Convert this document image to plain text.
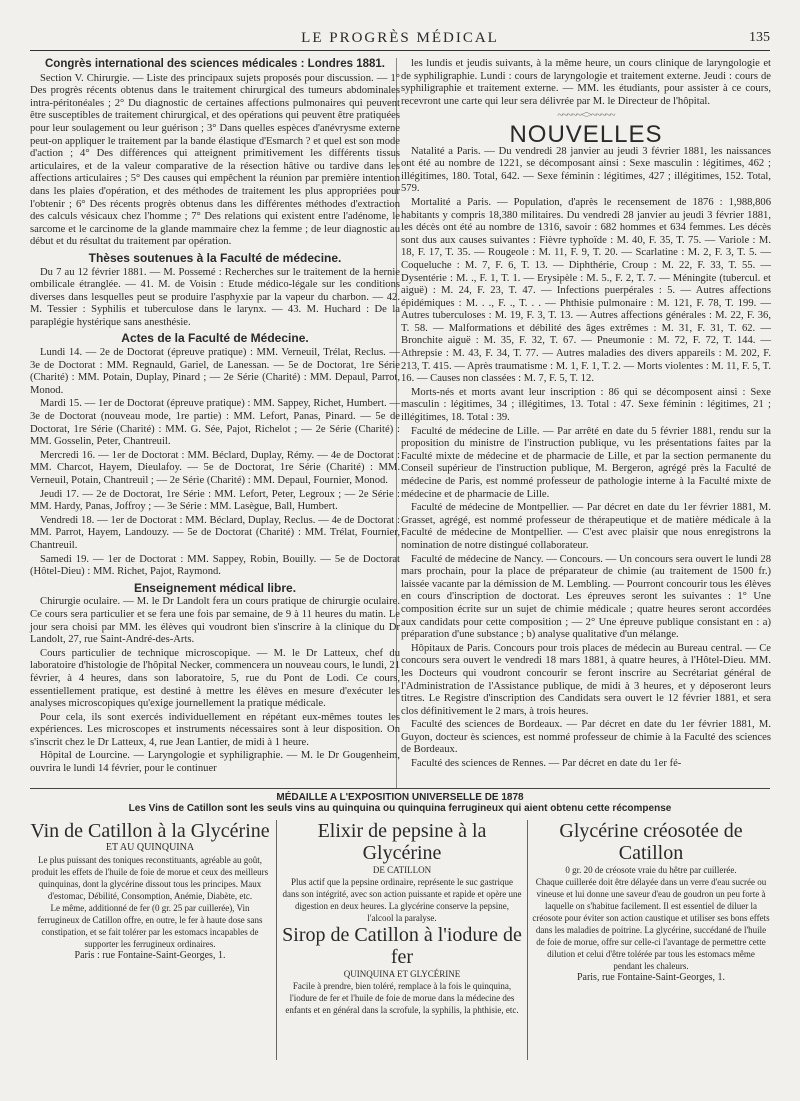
LE PROGRÈS MÉDICAL	135
Congrès international des sciences médicales : Londres 1881.

Section V. Chirurgie. — Liste des principaux sujets proposés pour discussion. — 1° Des progrès récents obtenus dans le traitement chirurgical des tumeurs abdominales intra-péritonéales ; 2° Du diagnostic de certaines affections pulmonaires qui peuvent être susceptibles de traitement chirurgical, et des opérations qui peuvent être pratiquées pour leur soulagement ou leur guérison ; 3° Dans quelles espèces d'anévrysme externe peut-on appliquer le traitement par la bande élastique d'Esmarch ? et quel est son mode d'action ; 4° Des différences qui atteignent primitivement les différents tissus articulaires, et de la valeur comparative de la résection hâtive ou tardive dans les affections articulaires ; 5° Des causes qui empêchent la réunion par première intention dans les plaies d'opération, et des méthodes de traitement les plus appropriées pour l'obtenir ; 6° Des récents progrès obtenus dans les différentes méthodes d'extraction des calculs vésicaux chez l'homme ; 7° Des relations qui existent entre l'adénome, le sarcome et le carcinome de la glande mammaire chez la femme ; de leur diagnostic au début et du résultat du traitement par opération.

Thèses soutenues à la Faculté de médecine.

Du 7 au 12 février 1881. — M. Possemé : Recherches sur le traitement de la hernie ombilicale étranglée. — 41. M. de Voisin : Etude médico-légale sur les conditions diverses dans lesquelles peut se produire l'asphyxie par la vapeur du charbon. — 42. M. Tessier : Syphilis et tuberculose dans le larynx. — 43. M. Huchard : De la paraplégie hystérique sans anesthésie.

Actes de la Faculté de Médecine.

Lundi 14. — 2e de Doctorat (épreuve pratique) : MM. Verneuil, Trélat, Reclus. — 3e de Doctorat : MM. Regnauld, Gariel, de Lanessan. — 5e de Doctorat, 1re Série (Charité) : MM. Potain, Duplay, Pinard ; — 2e Série (Charité) : MM. Depaul, Parrot, Monod.

Mardi 15. — 1er de Doctorat (épreuve pratique) : MM. Sappey, Richet, Humbert. — 3e de Doctorat (nouveau mode, 1re partie) : MM. Lefort, Panas, Pinard. — 5e de Doctorat, 1re Série (Charité) : MM. G. Sée, Pajot, Richelot ; — 2e Série (Charité) : MM. Gosselin, Peter, Chantreuil.

Mercredi 16. — 1er de Doctorat : MM. Béclard, Duplay, Rémy. — 4e de Doctorat : MM. Charcot, Hayem, Dieulafoy. — 5e de Doctorat, 1re Série (Charité) : MM. Verneuil, Potain, Chantreuil ; — 2e Série (Charité) : MM. Depaul, Fournier, Monod.

Jeudi 17. — 2e de Doctorat, 1re Série : MM. Lefort, Peter, Legroux ; — 2e Série : MM. Hardy, Panas, Joffroy ; — 3e Série : MM. Lasègue, Ball, Humbert.

Vendredi 18. — 1er de Doctorat : MM. Béclard, Duplay, Reclus. — 4e de Doctorat : MM. Parrot, Hayem, Landouzy. — 5e de Doctorat (Charité) : MM. Trélat, Fournier, Chantreuil.

Samedi 19. — 1er de Doctorat : MM. Sappey, Robin, Bouilly. — 5e de Doctorat (Hôtel-Dieu) : MM. Richet, Pajot, Raymond.

Enseignement médical libre.

Chirurgie oculaire. — M. le Dr Landolt fera un cours pratique de chirurgie oculaire. Ce cours sera particulier et se fera une fois par semaine, de 9 à 11 heures du matin. Le jour sera choisi par MM. les élèves qui voudront bien s'inscrire à la clinique du Dr Landolt, 27, rue Saint-André-des-Arts.

Cours particulier de technique microscopique. — M. le Dr Latteux, chef du laboratoire d'histologie de l'hôpital Necker, commencera un nouveau cours, le lundi, 21 février, à 4 heures, dans son laboratoire, 5, rue du Pont de Lodi. Ce cours, essentiellement pratique, est destiné à mettre les élèves en mesure d'exécuter les analyses microscopiques qu'exige journellement la pratique médicale.

Pour cela, ils sont exercés individuellement en répétant eux-mêmes toutes les expériences. Les microscopes et instruments nécessaires sont à leur disposition. On s'inscrit chez le Dr Latteux, 4, rue Jean Lantier, de midi à 1 heure.

Hôpital de Lourcine. — Laryngologie et syphiligraphie. — M. le Dr Gougenheim, ouvrira le lundi 14 février, pour le continuer

les lundis et jeudis suivants, à la même heure, un cours clinique de laryngologie et de syphiligraphie. Lundi : cours de laryngologie et traitement externe. Jeudi : cours de syphiligraphie et traitement externe. — MM. les étudiants, pour assister à ce cours, recevront une carte qui leur sera délivrée par M. le Directeur de l'hôpital.

~~~~~<>~~~~~
NOUVELLES

Natalité a Paris. — Du vendredi 28 janvier au jeudi 3 février 1881, les naissances ont été au nombre de 1221, se décomposant ainsi : Sexe masculin : légitimes, 462 ; illégitimes, 180. Total, 642. — Sexe féminin : légitimes, 427 ; illégitimes, 152. Total, 579.

Mortalité a Paris. — Population, d'après le recensement de 1876 : 1,988,806 habitants y compris 18,380 militaires. Du vendredi 28 janvier au jeudi 3 février 1881, les décès ont été au nombre de 1316, savoir : 682 hommes et 634 femmes. Les décès sont dus aux causes suivantes : Fièvre typhoïde : M. 40, F. 35, T. 75. — Variole : M. 18, F. 17, T. 35. — Rougeole : M. 11, F. 9, T. 20. — Scarlatine : M. 2, F. 3, T. 5. — Coqueluche : M. 7, F. 6, T. 13. — Diphthérie, Croup : M. 22, F. 33, T. 55. — Dysentérie : M. ., F. 1, T. 1. — Erysipèle : M. 5., F. 2, T. 7. — Méningite (tubercul. et aiguë) : M. 24, F. 23, T. 47. — Infections puerpérales : 5. — Autres affections épidémiques : M. . ., F. ., T. . . — Phthisie pulmonaire : M. 121, F. 78, T. 199. — Autres tuberculoses : M. 19, F. 3, T. 13. — Autres affections générales : M. 22, F. 36, T. 58. — Malformations et débilité des âges extrêmes : M. 31, F. 31, T. 62. — Bronchite aiguë : M. 35, F. 32, T. 67. — Pneumonie : M. 72, F. 72, T. 144. — Athrepsie : M. 43, F. 34, T. 77. — Autres maladies des divers appareils : M. 202, F. 213, T. 415. — Après traumatisme : M. 1, F. 1, T. 2. — Morts violentes : M. 11, F. 5, T. 16. — Causes non classées : M. 7, F. 5, T. 12.

Morts-nés et morts avant leur inscription : 86 qui se décomposent ainsi : Sexe masculin : légitimes, 34 ; illégitimes, 13. Total : 47. Sexe féminin : légitimes, 21 ; illégitimes, 18. Total : 39.

Faculté de médecine de Lille. — Par arrêté en date du 5 février 1881, rendu sur la proposition du ministre de l'instruction publique, vu les présentations faites par la Faculté mixte de médecine et de pharmacie de Lille, et par la section permanente du Conseil supérieur de l'instruction publique, M. Bergeron, agrégé près la Faculté de médecine de Paris, est nommé professeur de pathologie interne à la Faculté mixte de médecine et de pharmacie de Lille.

Faculté de médecine de Montpellier. — Par décret en date du 1er février 1881, M. Grasset, agrégé, est nommé professeur de thérapeutique et de matière médicale à la Faculté de médecine de Montpellier. — C'est avec plaisir que nous enregistrons la nomination de notre distingué collaborateur.

Faculté de médecine de Nancy. — Concours. — Un concours sera ouvert le lundi 28 mars prochain, pour la place de préparateur de chimie (au traitement de 1500 fr.) laissée vacante par la démission de M. Lembling. — Pourront concourir tous les élèves en cours d'inscription de doctorat. Les épreuves seront les suivantes : 1° Une composition écrite sur un sujet de chimie médicale ; quatre heures seront accordées aux candidats pour cette composition ; — 2° Une épreuve publique consistant en : a) préparation d'une substance ; b) analyse qualitative d'un mélange.

Hôpitaux de Paris. Concours pour trois places de médecin au Bureau central. — Ce concours sera ouvert le vendredi 18 mars 1881, à quatre heures, à l'Hôtel-Dieu. MM. les Docteurs qui voudront concourir se feront inscrire au Secrétariat général de l'Administration de l'Assistance publique, de midi à 3 heures, et y déposeront leurs titres. Le Registre d'inscription des Candidats sera ouvert le 12 février 1881, et sera clos définitivement le 2 mars, à trois heures.

Faculté des sciences de Bordeaux. — Par décret en date du 1er février 1881, M. Guyon, docteur ès sciences, est nommé professeur de chimie à la Faculté des sciences de Bordeaux.

Faculté des sciences de Rennes. — Par décret en date du 1er fé-

MÉDAILLE A L'EXPOSITION UNIVERSELLE DE 1878
Les Vins de Catillon sont les seuls vins au quinquina ou quinquina ferrugineux qui aient obtenu cette récompense
Vin de Catillon à la Glycérine
ET AU QUINQUINA
Le plus puissant des toniques reconstituants, agréable au goût, produit les effets de l'huile de foie de morue et ceux des meilleurs quinquinas, dont la glycérine dissout tous les principes. Maux d'estomac, Débilité, Consomption, Anémie, Diabète, etc.
Le même, additionné de fer (0 gr. 25 par cuillerée), Vin ferrugineux de Catillon offre, en outre, le fer à haute dose sans constipation, et se fait tolérer par les estomacs incapables de supporter les ferrugineux ordinaires.
Paris : rue Fontaine-Saint-Georges, 1.
Elixir de pepsine à la Glycérine
DE CATILLON
Plus actif que la pepsine ordinaire, représente le suc gastrique dans son intégrité, avec son action puissante et rapide et opère une digestion en deux heures. La glycérine conserve la pepsine, l'alcool la paralyse.
Sirop de Catillon à l'iodure de fer
QUINQUINA ET GLYCÉRINE
Facile à prendre, bien toléré, remplace à la fois le quinquina, l'iodure de fer et l'huile de foie de morue dans la médecine des enfants et en général dans la scrofule, la syphilis, la phthisie, etc.
Glycérine créosotée de Catillon
0 gr. 20 de créosote vraie du hêtre par cuillerée.
Chaque cuillerée doit être délayée dans un verre d'eau sucrée ou vineuse et lui donne une saveur d'eau de goudron un peu forte à laquelle on s'habitue facilement. Il est essentiel de diluer la créosote pour éviter son action caustique et utiliser ses bons effets dans les maladies de poitrine. La glycérine, succédané de l'huile de foie de morue, offre sur celle-ci l'avantage de permettre cette dilution et celui d'être tolérée par tous les estomacs même pendant les chaleurs.
Paris, rue Fontaine-Saint-Georges, 1.
